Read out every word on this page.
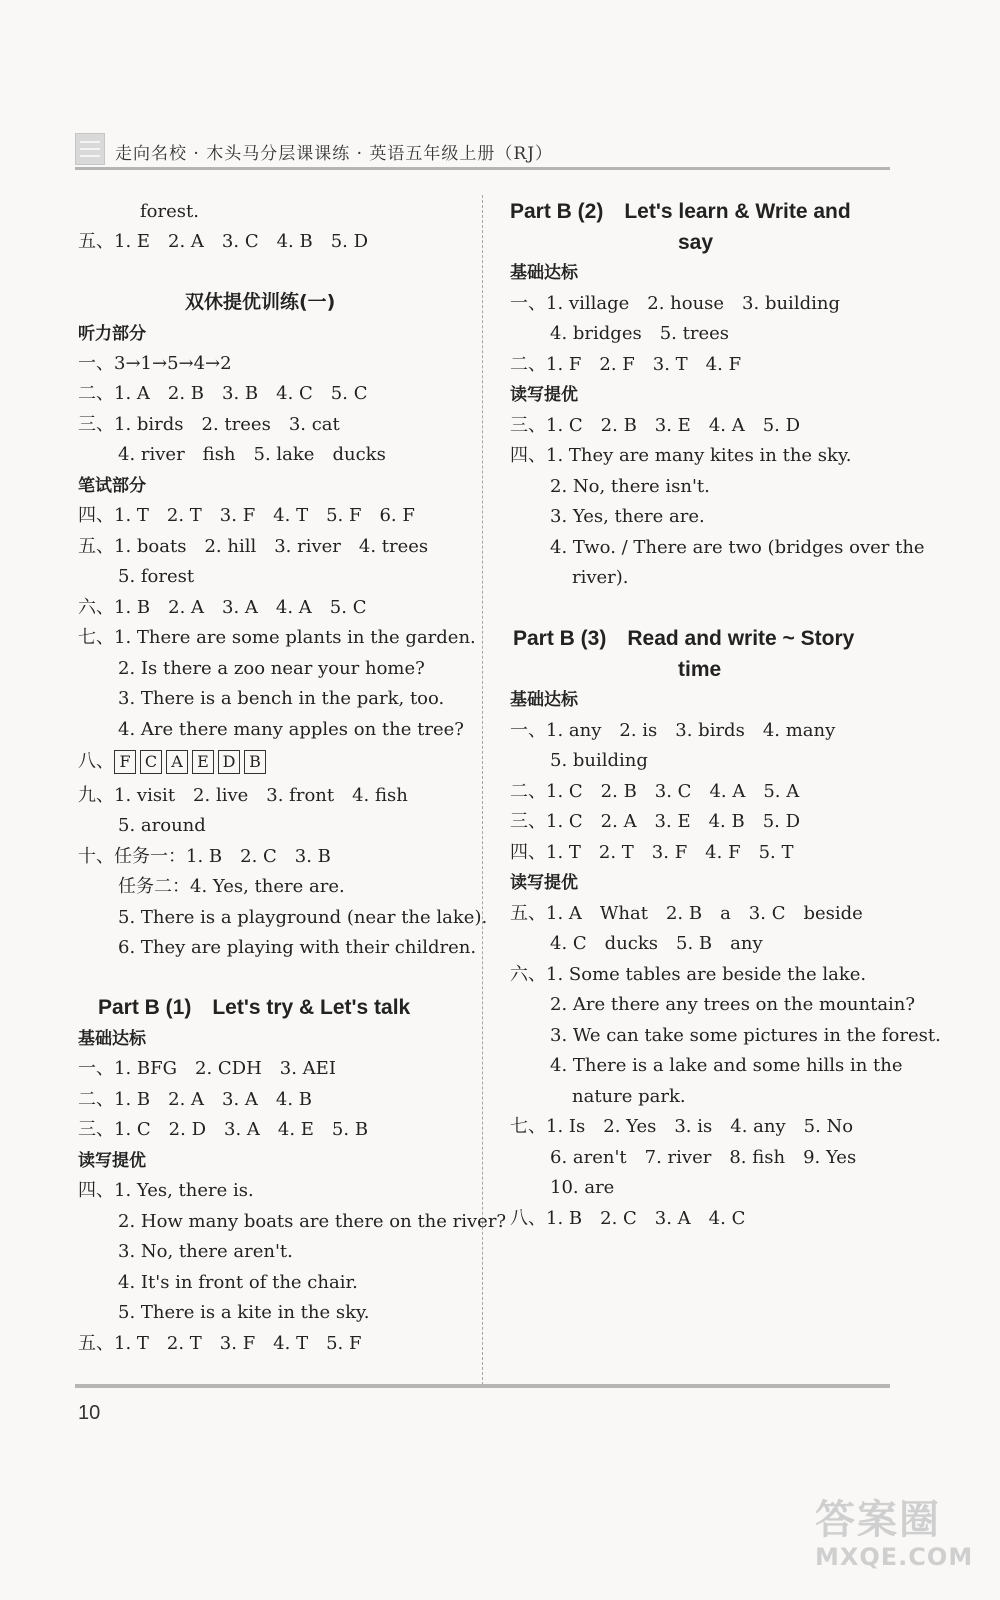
走向名校 · 木头马分层课课练 · 英语五年级上册（RJ）
forest.
五、1. E　2. A　3. C　4. B　5. D
双休提优训练(一)
听力部分
一、3→1→5→4→2
二、1. A　2. B　3. B　4. C　5. C
三、1. birds　2. trees　3. cat
4. river　fish　5. lake　ducks
笔试部分
四、1. T　2. T　3. F　4. T　5. F　6. F
五、1. boats　2. hill　3. river　4. trees
5. forest
六、1. B　2. A　3. A　4. A　5. C
七、1. There are some plants in the garden.
2. Is there a zoo near your home?
3. There is a bench in the park, too.
4. Are there many apples on the tree?
八、 F C A E D B
九、1. visit　2. live　3. front　4. fish
5. around
十、任务一：1. B　2. C　3. B
任务二：4. Yes, there are.
5. There is a playground (near the lake).
6. They are playing with their children.
Part B (1)　Let's try & Let's talk
基础达标
一、1. BFG　2. CDH　3. AEI
二、1. B　2. A　3. A　4. B
三、1. C　2. D　3. A　4. E　5. B
读写提优
四、1. Yes, there is.
2. How many boats are there on the river?
3. No, there aren't.
4. It's in front of the chair.
5. There is a kite in the sky.
五、1. T　2. T　3. F　4. T　5. F
Part B (2)　Let's learn & Write and
say
基础达标
一、1. village　2. house　3. building
4. bridges　5. trees
二、1. F　2. F　3. T　4. F
读写提优
三、1. C　2. B　3. E　4. A　5. D
四、1. They are many kites in the sky.
2. No, there isn't.
3. Yes, there are.
4. Two. / There are two (bridges over the
river).
Part B (3)　Read and write ~ Story
time
基础达标
一、1. any　2. is　3. birds　4. many
5. building
二、1. C　2. B　3. C　4. A　5. A
三、1. C　2. A　3. E　4. B　5. D
四、1. T　2. T　3. F　4. F　5. T
读写提优
五、1. A　What　2. B　a　3. C　beside
4. C　ducks　5. B　any
六、1. Some tables are beside the lake.
2. Are there any trees on the mountain?
3. We can take some pictures in the forest.
4. There is a lake and some hills in the
nature park.
七、1. Is　2. Yes　3. is　4. any　5. No
6. aren't　7. river　8. fish　9. Yes
10. are
八、1. B　2. C　3. A　4. C
10
答案圈
MXQE.COM
